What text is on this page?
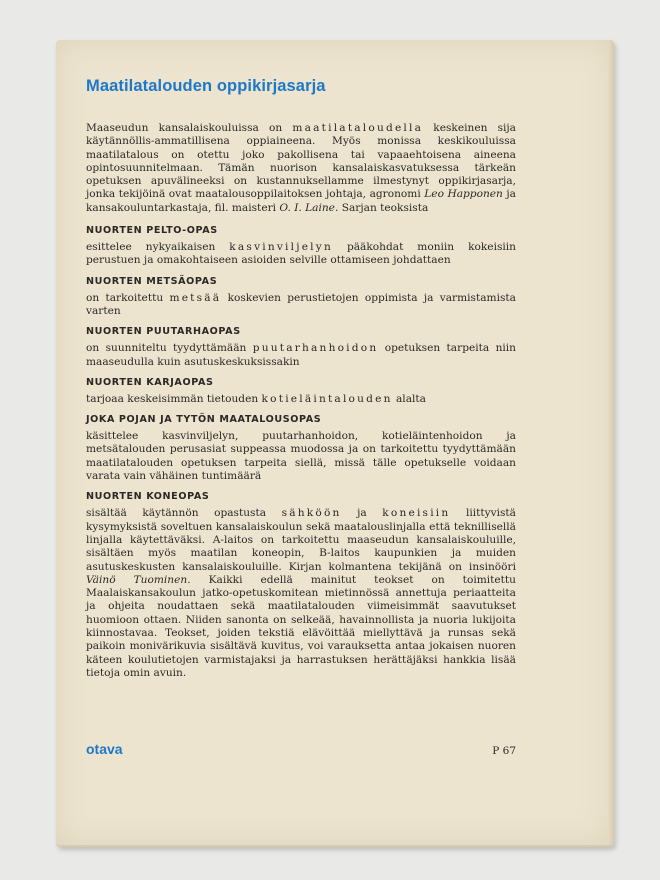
Maatilatalouden oppikirjasarja

Maaseudun kansalaiskouluissa on maatilataloudella keskeinen sija käytännöllis-ammatillisena oppiaineena. Myös monissa keskikouluissa maatilatalous on otettu joko pakollisena tai vapaaehtoisena aineena opintosuunnitelmaan. Tämän nuorison kansalaiskasvatuksessa tärkeän opetuksen apuvälineeksi on kustannuksellamme ilmestynyt oppikirjasarja, jonka tekijöinä ovat maatalousoppilaitoksen johtaja, agronomi Leo Happonen ja kansakouluntarkastaja, fil. maisteri O. I. Laine. Sarjan teoksista

NUORTEN PELTO-OPAS

esittelee nykyaikaisen kasvinviljelyn pääkohdat moniin kokeisiin perustuen ja omakohtaiseen asioiden selville ottamiseen johdattaen

NUORTEN METSÄOPAS

on tarkoitettu metsää koskevien perustietojen oppimista ja varmistamista varten

NUORTEN PUUTARHAOPAS

on suunniteltu tyydyttämään puutarhanhoidon opetuksen tarpeita niin maaseudulla kuin asutuskeskuksissakin

NUORTEN KARJAOPAS

tarjoaa keskeisimmän tietouden kotieläintalouden alalta

JOKA POJAN JA TYTÖN MAATALOUSOPAS

käsittelee kasvinviljelyn, puutarhanhoidon, kotieläintenhoidon ja metsätalouden perusasiat suppeassa muodossa ja on tarkoitettu tyydyttämään maatilatalouden opetuksen tarpeita siellä, missä tälle opetukselle voidaan varata vain vähäinen tuntimäärä

NUORTEN KONEOPAS

sisältää käytännön opastusta sähköön ja koneisiin liittyvistä kysymyksistä soveltuen kansalaiskoulun sekä maatalouslinjalla että teknillisellä linjalla käytettäväksi. A-laitos on tarkoitettu maaseudun kansalaiskouluille, sisältäen myös maatilan koneopin, B-laitos kaupunkien ja muiden asutuskeskusten kansalaiskouluille. Kirjan kolmantena tekijänä on insinööri Väinö Tuominen. Kaikki edellä mainitut teokset on toimitettu Maalaiskansakoulun jatko-opetuskomitean mietinnössä annettuja periaatteita ja ohjeita noudattaen sekä maatilatalouden viimeisimmät saavutukset huomioon ottaen. Niiden sanonta on selkeää, havainnollista ja nuoria lukijoita kiinnostavaa. Teokset, joiden tekstiä elävöittää miellyttävä ja runsas sekä paikoin monivärikuvia sisältävä kuvitus, voi varauksetta antaa jokaisen nuoren käteen koulutietojen varmistajaksi ja harrastuksen herättäjäksi hankkia lisää tietoja omin avuin.

otava	P 67
